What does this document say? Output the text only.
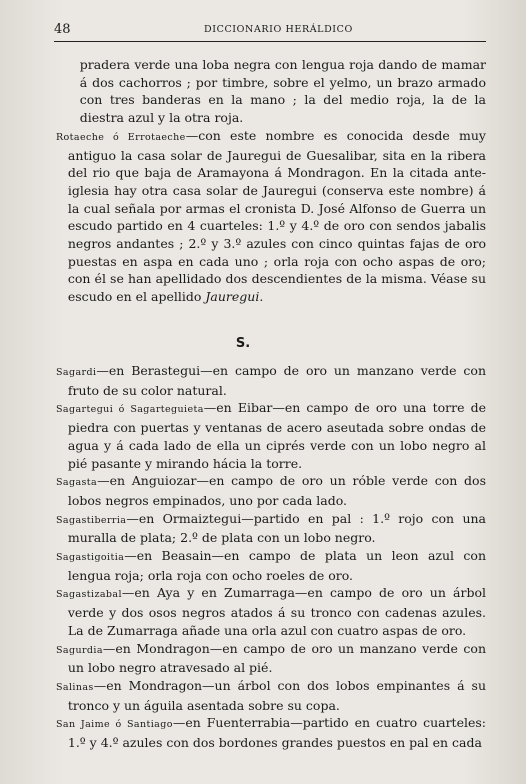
48	DICCIONARIO HERÁLDICO

pradera verde una loba negra con lengua roja dando de mamar á dos cachorros ; por timbre, sobre el yelmo, un brazo armado con tres banderas en la mano ; la del medio roja, la de la diestra azul y la otra roja.

Rotaeche ó Errotaeche—con este nombre es conocida desde muy antiguo la casa solar de Jauregui de Guesalibar, sita en la ribera del rio que baja de Aramayona á Mondragon. En la citada ante-iglesia hay otra casa solar de Jauregui (conserva este nombre) á la cual señala por armas el cronista D. José Alfonso de Guerra un escudo partido en 4 cuarteles: 1.º y 4.º de oro con sendos jabalis negros andantes ; 2.º y 3.º azules con cinco quintas fajas de oro puestas en aspa en cada uno ; orla roja con ocho aspas de oro; con él se han apellidado dos descendientes de la misma. Véase su escudo en el apellido Jauregui.

S.

Sagardi—en Berastegui—en campo de oro un manzano verde con fruto de su color natural.

Sagartegui ó Sagarteguieta—en Eibar—en campo de oro una torre de piedra con puertas y ventanas de acero aseutada sobre ondas de agua y á cada lado de ella un ciprés verde con un lobo negro al pié pasante y mirando hácia la torre.

Sagasta—en Anguiozar—en campo de oro un róble verde con dos lobos negros empinados, uno por cada lado.

Sagastiberria—en Ormaiztegui—partido en pal : 1.º rojo con una muralla de plata; 2.º de plata con un lobo negro.

Sagastigoitia—en Beasain—en campo de plata un leon azul con lengua roja; orla roja con ocho roeles de oro.

Sagastizabal—en Aya y en Zumarraga—en campo de oro un árbol verde y dos osos negros atados á su tronco con cadenas azules. La de Zumarraga añade una orla azul con cuatro aspas de oro.

Sagurdia—en Mondragon—en campo de oro un manzano verde con un lobo negro atravesado al pié.

Salinas—en Mondragon—un árbol con dos lobos empinantes á su tronco y un águila asentada sobre su copa.

San Jaime ó Santiago—en Fuenterrabia—partido en cuatro cuarteles: 1.º y 4.º azules con dos bordones grandes puestos en pal en cada
